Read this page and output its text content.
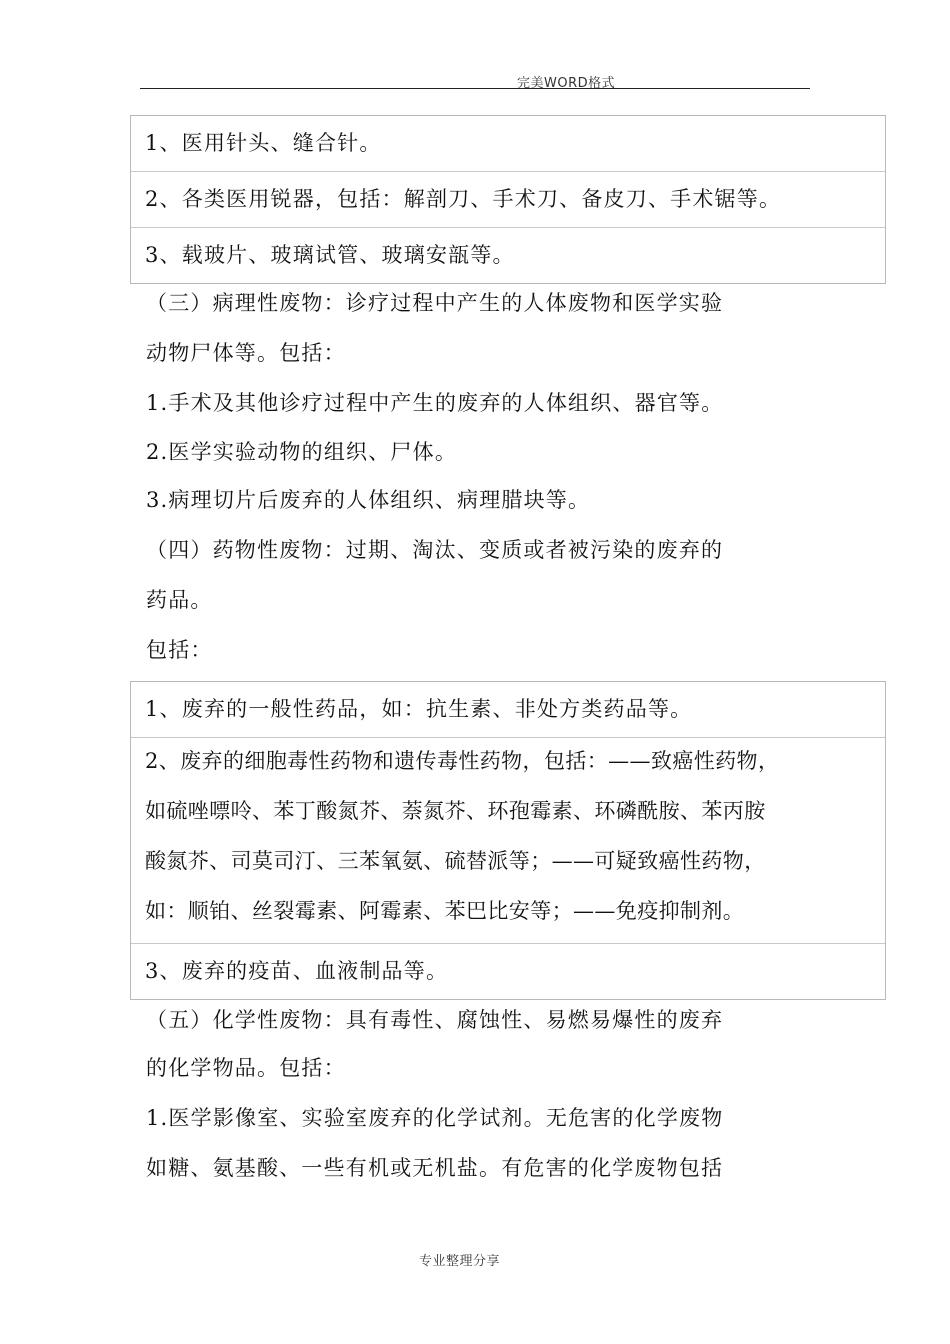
完美WORD格式
1、医用针头、缝合针。
2、各类医用锐器，包括：解剖刀、手术刀、备皮刀、手术锯等。
3、载玻片、玻璃试管、玻璃安瓿等。
（三）病理性废物：诊疗过程中产生的人体废物和医学实验
动物尸体等。包括：
1.手术及其他诊疗过程中产生的废弃的人体组织、器官等。
2.医学实验动物的组织、尸体。
3.病理切片后废弃的人体组织、病理腊块等。
（四）药物性废物：过期、淘汰、变质或者被污染的废弃的
药品。
包括：
1、废弃的一般性药品，如：抗生素、非处方类药品等。
2、废弃的细胞毒性药物和遗传毒性药物，包括：——致癌性药物，
如硫唑嘌呤、苯丁酸氮芥、萘氮芥、环孢霉素、环磷酰胺、苯丙胺
酸氮芥、司莫司汀、三苯氧氨、硫替派等；——可疑致癌性药物，
如：顺铂、丝裂霉素、阿霉素、苯巴比安等；——免疫抑制剂。
3、废弃的疫苗、血液制品等。
（五）化学性废物：具有毒性、腐蚀性、易燃易爆性的废弃
的化学物品。包括：
1.医学影像室、实验室废弃的化学试剂。无危害的化学废物
如糖、氨基酸、一些有机或无机盐。有危害的化学废物包括
专业整理分享
